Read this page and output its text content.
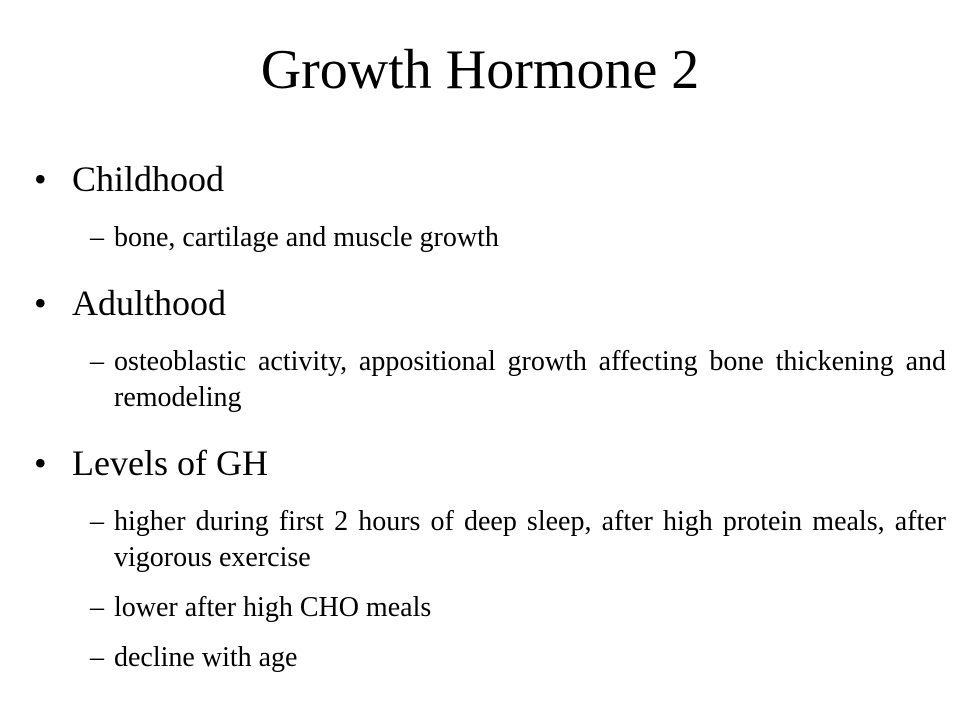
Growth Hormone 2

• Childhood

– bone, cartilage and muscle growth

• Adulthood

– osteoblastic activity, appositional growth affecting bone thickening and remodeling

• Levels of GH

– higher during first 2 hours of deep sleep, after high protein meals, after vigorous exercise

– lower after high CHO meals

– decline with age
